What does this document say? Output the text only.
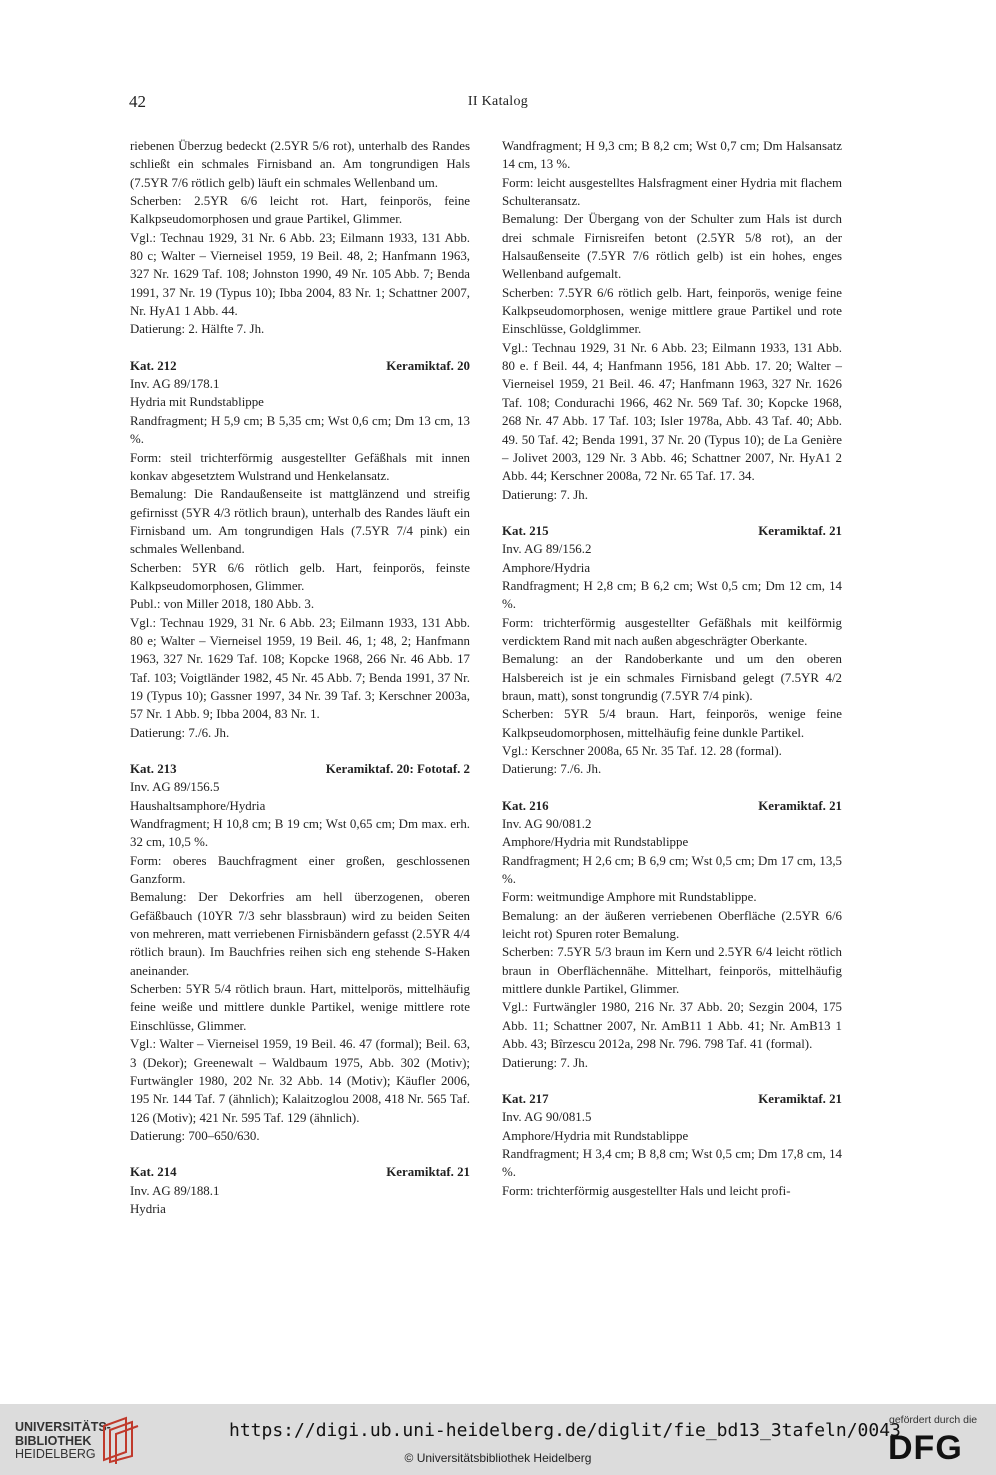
42	II Katalog

riebenen Überzug bedeckt (2.5YR 5/6 rot), unterhalb des Randes schließt ein schmales Firnisband an. Am tongrundigen Hals (7.5YR 7/6 rötlich gelb) läuft ein schmales Wellenband um.

Scherben: 2.5YR 6/6 leicht rot. Hart, feinporös, feine Kalkpseudomorphosen und graue Partikel, Glimmer.

Vgl.: Technau 1929, 31 Nr. 6 Abb. 23; Eilmann 1933, 131 Abb. 80 c; Walter – Vierneisel 1959, 19 Beil. 48, 2; Hanfmann 1963, 327 Nr. 1629 Taf. 108; Johnston 1990, 49 Nr. 105 Abb. 7; Benda 1991, 37 Nr. 19 (Typus 10); Ibba 2004, 83 Nr. 1; Schattner 2007, Nr. HyA1 1 Abb. 44.

Datierung: 2. Hälfte 7. Jh.

Kat. 212	Keramiktaf. 20

Inv. AG 89/178.1

Hydria mit Rundstablippe

Randfragment; H 5,9 cm; B 5,35 cm; Wst 0,6 cm; Dm 13 cm, 13 %.

Form: steil trichterförmig ausgestellter Gefäßhals mit innen konkav abgesetztem Wulstrand und Henkelansatz.

Bemalung: Die Randaußenseite ist mattglänzend und streifig gefirnisst (5YR 4/3 rötlich braun), unterhalb des Randes läuft ein Firnisband um. Am tongrundigen Hals (7.5YR 7/4 pink) ein schmales Wellenband.

Scherben: 5YR 6/6 rötlich gelb. Hart, feinporös, feinste Kalkpseudomorphosen, Glimmer.

Publ.: von Miller 2018, 180 Abb. 3.

Vgl.: Technau 1929, 31 Nr. 6 Abb. 23; Eilmann 1933, 131 Abb. 80 e; Walter – Vierneisel 1959, 19 Beil. 46, 1; 48, 2; Hanfmann 1963, 327 Nr. 1629 Taf. 108; Kopcke 1968, 266 Nr. 46 Abb. 17 Taf. 103; Voigtländer 1982, 45 Nr. 45 Abb. 7; Benda 1991, 37 Nr. 19 (Typus 10); Gassner 1997, 34 Nr. 39 Taf. 3; Kerschner 2003a, 57 Nr. 1 Abb. 9; Ibba 2004, 83 Nr. 1.

Datierung: 7./6. Jh.

Kat. 213	Keramiktaf. 20: Fototaf. 2

Inv. AG 89/156.5

Haushaltsamphore/Hydria

Wandfragment; H 10,8 cm; B 19 cm; Wst 0,65 cm; Dm max. erh. 32 cm, 10,5 %.

Form: oberes Bauchfragment einer großen, geschlossenen Ganzform.

Bemalung: Der Dekorfries am hell überzogenen, oberen Gefäßbauch (10YR 7/3 sehr blassbraun) wird zu beiden Seiten von mehreren, matt verriebenen Firnisbändern gefasst (2.5YR 4/4 rötlich braun). Im Bauchfries reihen sich eng stehende S-Haken aneinander.

Scherben: 5YR 5/4 rötlich braun. Hart, mittelporös, mittelhäufig feine weiße und mittlere dunkle Partikel, wenige mittlere rote Einschlüsse, Glimmer.

Vgl.: Walter – Vierneisel 1959, 19 Beil. 46. 47 (formal); Beil. 63, 3 (Dekor); Greenewalt – Waldbaum 1975, Abb. 302 (Motiv); Furtwängler 1980, 202 Nr. 32 Abb. 14 (Motiv); Käufler 2006, 195 Nr. 144 Taf. 7 (ähnlich); Kalaitzoglou 2008, 418 Nr. 565 Taf. 126 (Motiv); 421 Nr. 595 Taf. 129 (ähnlich).

Datierung: 700–650/630.

Kat. 214	Keramiktaf. 21

Inv. AG 89/188.1

Hydria

Wandfragment; H 9,3 cm; B 8,2 cm; Wst 0,7 cm; Dm Halsansatz 14 cm, 13 %.

Form: leicht ausgestelltes Halsfragment einer Hydria mit flachem Schulteransatz.

Bemalung: Der Übergang von der Schulter zum Hals ist durch drei schmale Firnisreifen betont (2.5YR 5/8 rot), an der Halsaußenseite (7.5YR 7/6 rötlich gelb) ist ein hohes, enges Wellenband aufgemalt.

Scherben: 7.5YR 6/6 rötlich gelb. Hart, feinporös, wenige feine Kalkpseudomorphosen, wenige mittlere graue Partikel und rote Einschlüsse, Goldglimmer.

Vgl.: Technau 1929, 31 Nr. 6 Abb. 23; Eilmann 1933, 131 Abb. 80 e. f Beil. 44, 4; Hanfmann 1956, 181 Abb. 17. 20; Walter – Vierneisel 1959, 21 Beil. 46. 47; Hanfmann 1963, 327 Nr. 1626 Taf. 108; Condurachi 1966, 462 Nr. 569 Taf. 30; Kopcke 1968, 268 Nr. 47 Abb. 17 Taf. 103; Isler 1978a, Abb. 43 Taf. 40; Abb. 49. 50 Taf. 42; Benda 1991, 37 Nr. 20 (Typus 10); de La Genière – Jolivet 2003, 129 Nr. 3 Abb. 46; Schattner 2007, Nr. HyA1 2 Abb. 44; Kerschner 2008a, 72 Nr. 65 Taf. 17. 34.

Datierung: 7. Jh.

Kat. 215	Keramiktaf. 21

Inv. AG 89/156.2

Amphore/Hydria

Randfragment; H 2,8 cm; B 6,2 cm; Wst 0,5 cm; Dm 12 cm, 14 %.

Form: trichterförmig ausgestellter Gefäßhals mit keilförmig verdicktem Rand mit nach außen abgeschrägter Oberkante.

Bemalung: an der Randoberkante und um den oberen Halsbereich ist je ein schmales Firnisband gelegt (7.5YR 4/2 braun, matt), sonst tongrundig (7.5YR 7/4 pink).

Scherben: 5YR 5/4 braun. Hart, feinporös, wenige feine Kalkpseudomorphosen, mittelhäufig feine dunkle Partikel.

Vgl.: Kerschner 2008a, 65 Nr. 35 Taf. 12. 28 (formal).

Datierung: 7./6. Jh.

Kat. 216	Keramiktaf. 21

Inv. AG 90/081.2

Amphore/Hydria mit Rundstablippe

Randfragment; H 2,6 cm; B 6,9 cm; Wst 0,5 cm; Dm 17 cm, 13,5 %.

Form: weitmundige Amphore mit Rundstablippe.

Bemalung: an der äußeren verriebenen Oberfläche (2.5YR 6/6 leicht rot) Spuren roter Bemalung.

Scherben: 7.5YR 5/3 braun im Kern und 2.5YR 6/4 leicht rötlich braun in Oberflächennähe. Mittelhart, feinporös, mittelhäufig mittlere dunkle Partikel, Glimmer.

Vgl.: Furtwängler 1980, 216 Nr. 37 Abb. 20; Sezgin 2004, 175 Abb. 11; Schattner 2007, Nr. AmB11 1 Abb. 41; Nr. AmB13 1 Abb. 43; Bîrzescu 2012a, 298 Nr. 796. 798 Taf. 41 (formal).

Datierung: 7. Jh.

Kat. 217	Keramiktaf. 21

Inv. AG 90/081.5

Amphore/Hydria mit Rundstablippe

Randfragment; H 3,4 cm; B 8,8 cm; Wst 0,5 cm; Dm 17,8 cm, 14 %.

Form: trichterförmig ausgestellter Hals und leicht profi-

UNIVERSITÄTS-
BIBLIOTHEK
HEIDELBERG
https://digi.ub.uni-heidelberg.de/diglit/fie_bd13_3tafeln/0043
© Universitätsbibliothek Heidelberg
gefördert durch die
DFG
